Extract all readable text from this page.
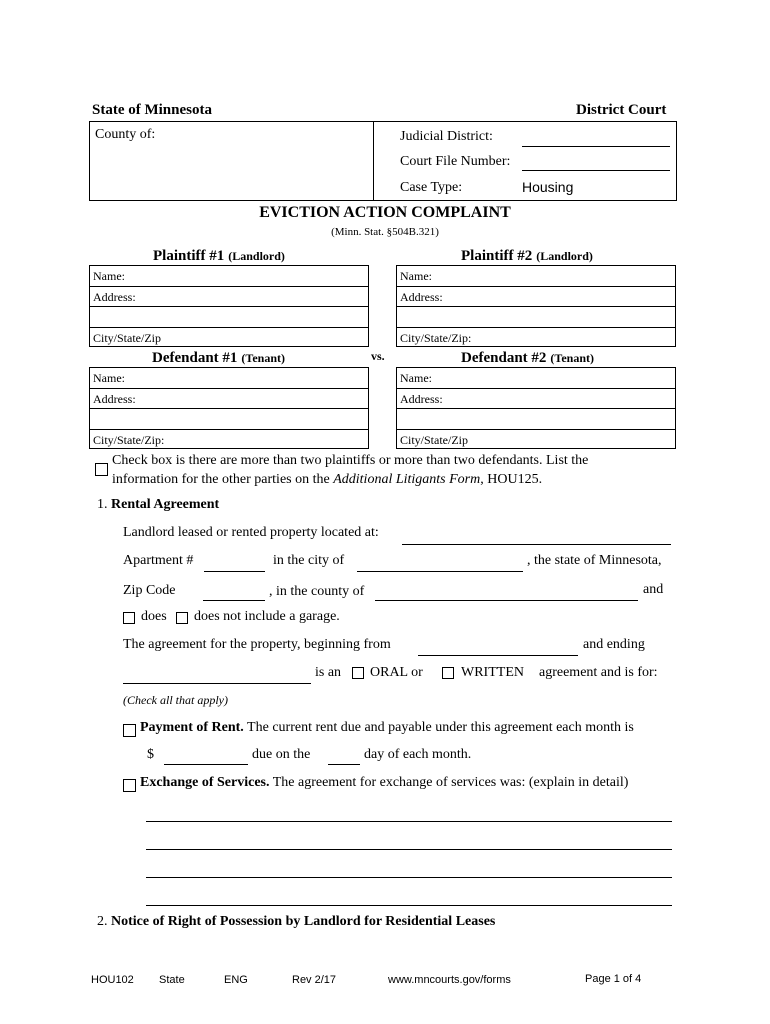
State of Minnesota	District Court
County of:	Judicial District:
Court File Number:
Case Type:	Housing
EVICTION ACTION COMPLAINT
(Minn. Stat. §504B.321)
Plaintiff #1 (Landlord)	Plaintiff #2 (Landlord)
Name:
Address:
City/State/Zip
Name:
Address:
City/State/Zip:
Defendant #1 (Tenant)	vs.	Defendant #2 (Tenant)
Name:
Address:
City/State/Zip:
Name:
Address:
City/State/Zip
Check box is there are more than two plaintiffs or more than two defendants. List the
information for the other parties on the Additional Litigants Form, HOU125.
1. Rental Agreement
Landlord leased or rented property located at:
Apartment #	in the city of	, the state of Minnesota,
Zip Code	, in the county of	and
does does not include a garage.
The agreement for the property, beginning from	and ending
is an ORAL or	WRITTEN agreement and is for:
(Check all that apply)
Payment of Rent. The current rent due and payable under this agreement each month is
$	due on the	day of each month.
Exchange of Services. The agreement for exchange of services was: (explain in detail)
2. Notice of Right of Possession by Landlord for Residential Leases
HOU102 State	ENG	Rev 2/17	www.mncourts.gov/forms	Page 1 of 4
